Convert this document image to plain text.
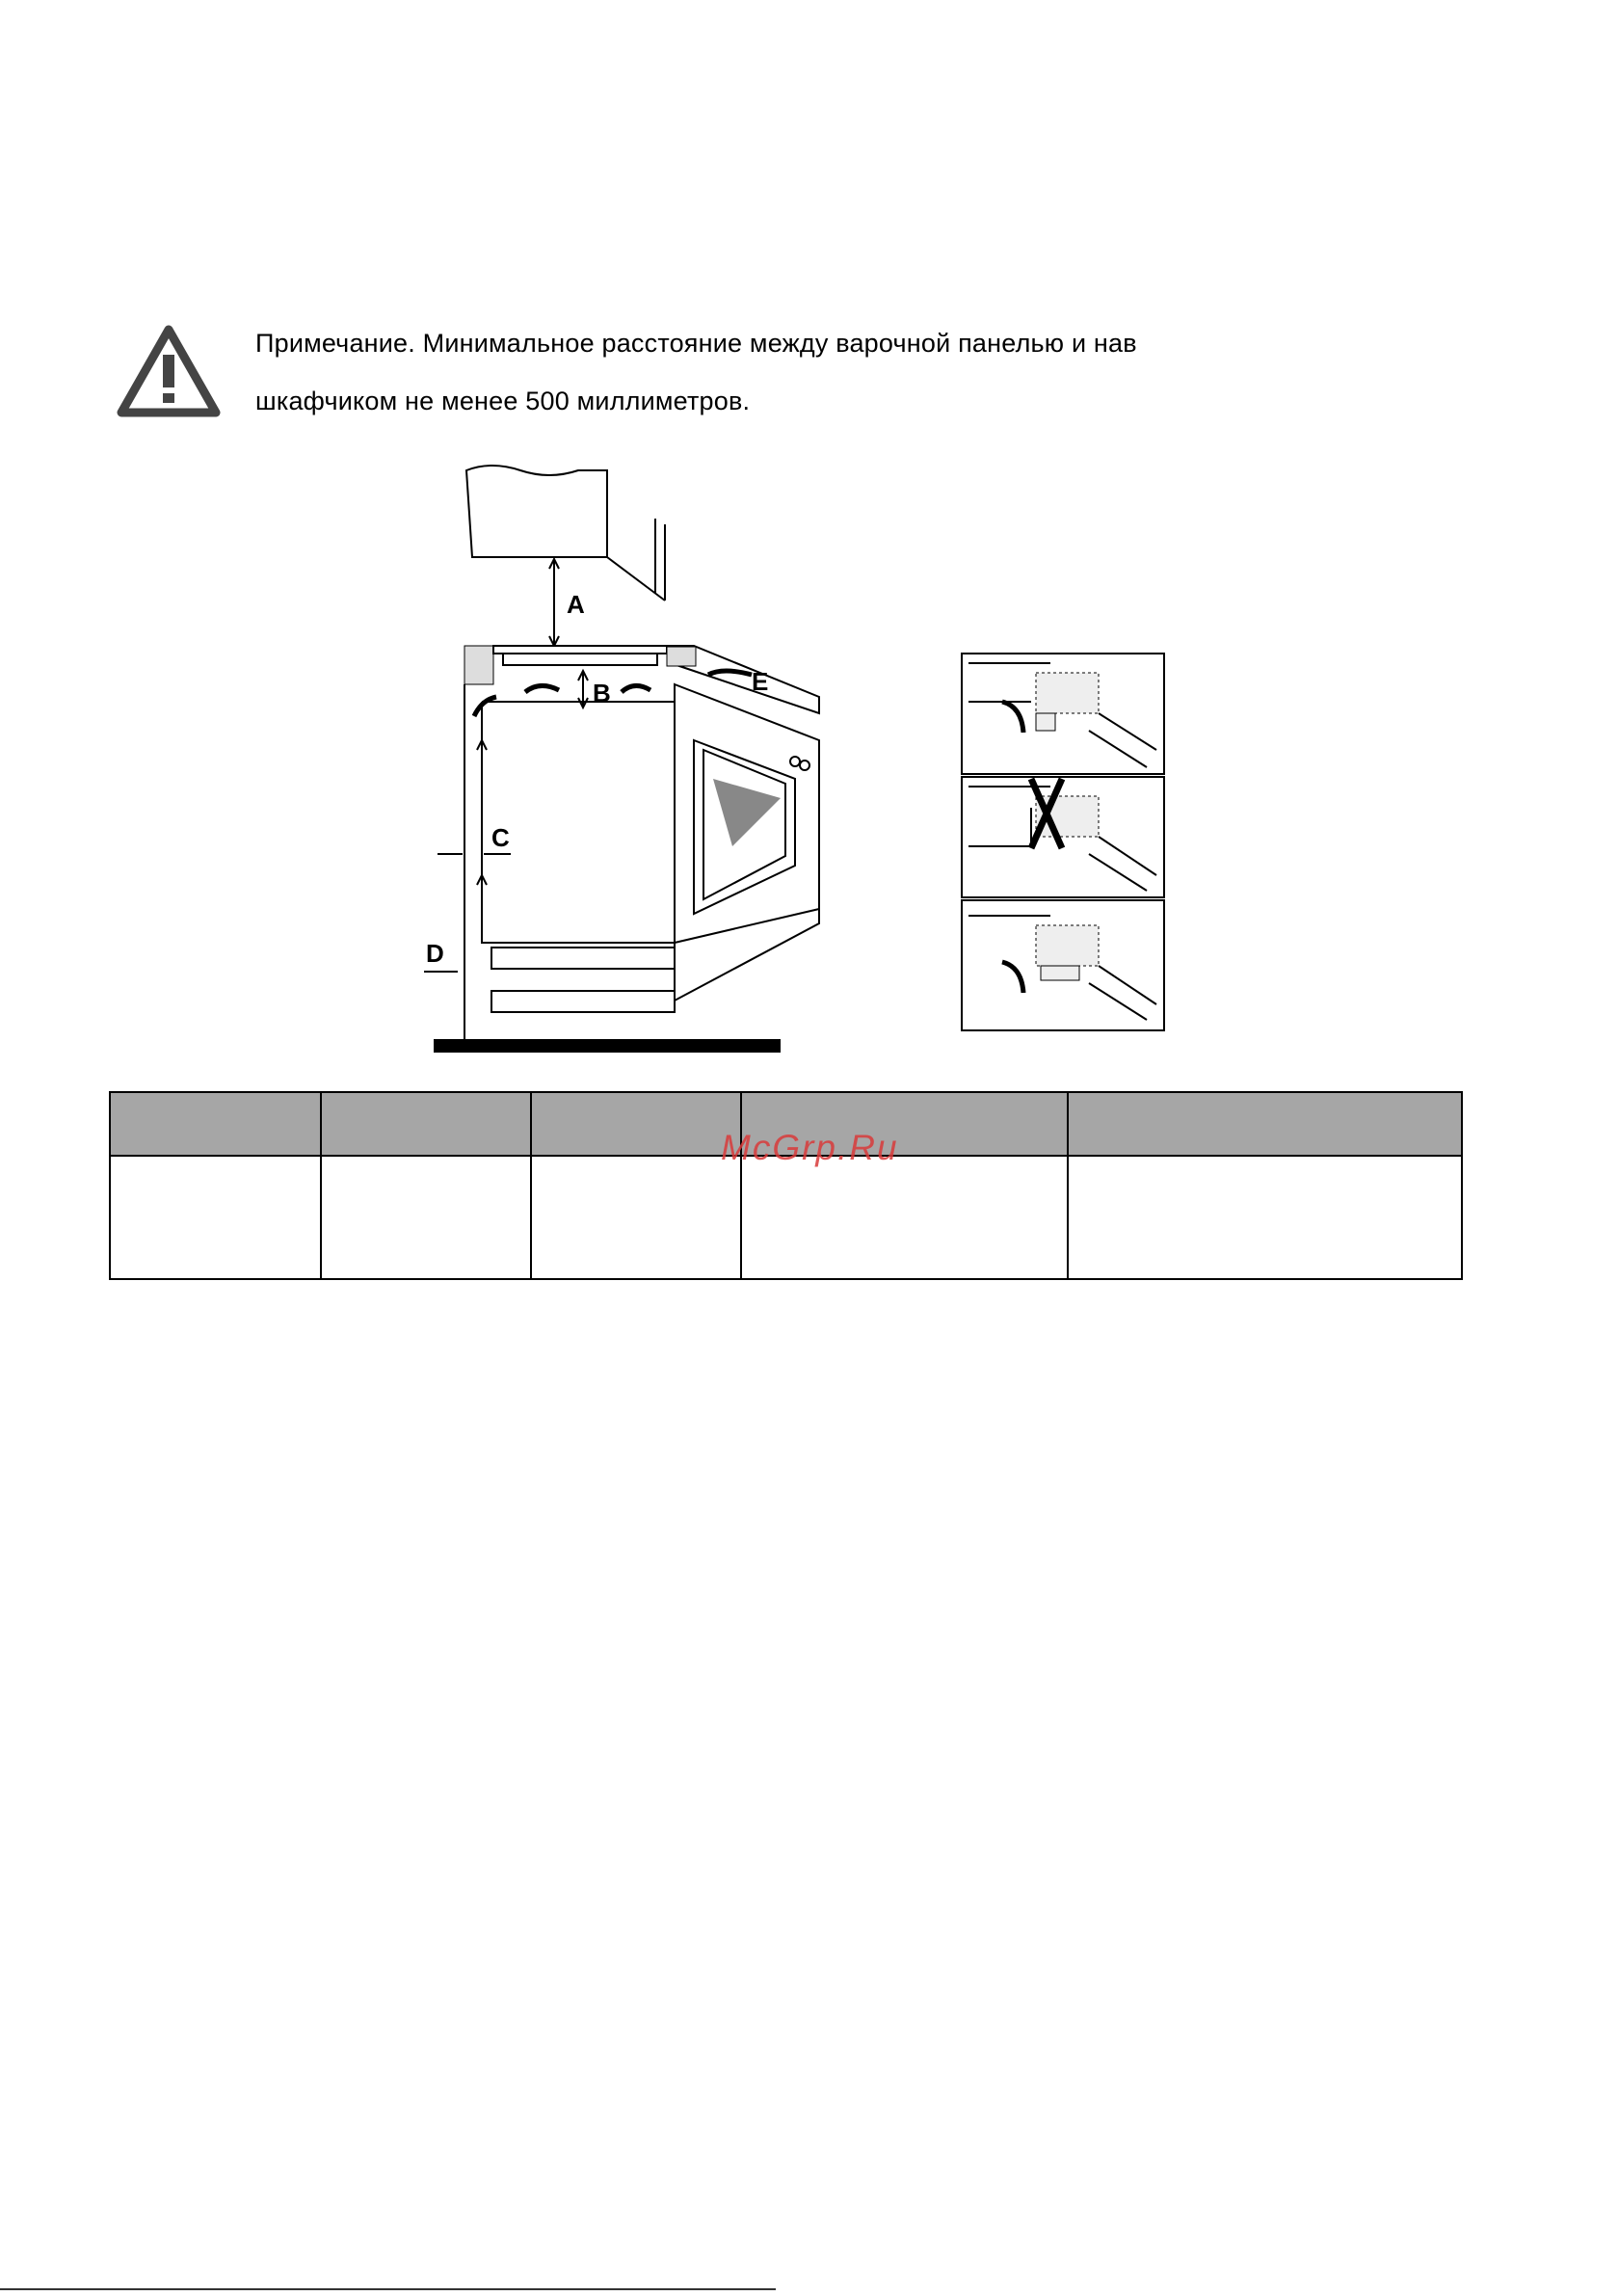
Примечание. Минимальное расстояние между варочной панелью и нав
шкафчиком не менее 500 миллиметров.
A
B	E
C
D

McGrp.Ru
